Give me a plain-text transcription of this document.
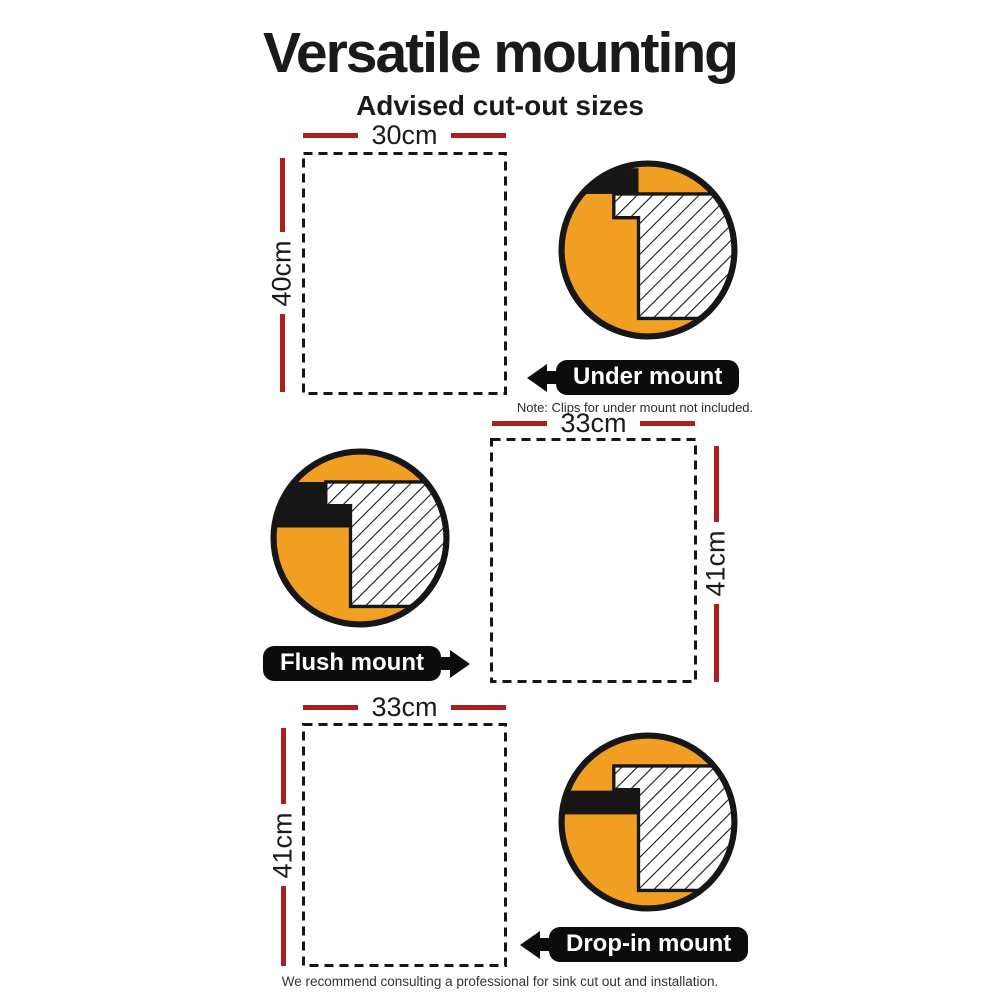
Versatile mounting
Advised cut-out sizes
30cm
40cm
Under mount
Note: Clips for under mount not included.
Flush mount
33cm
41cm
33cm
41cm
Drop-in mount
We recommend consulting a professional for sink cut out and installation.
